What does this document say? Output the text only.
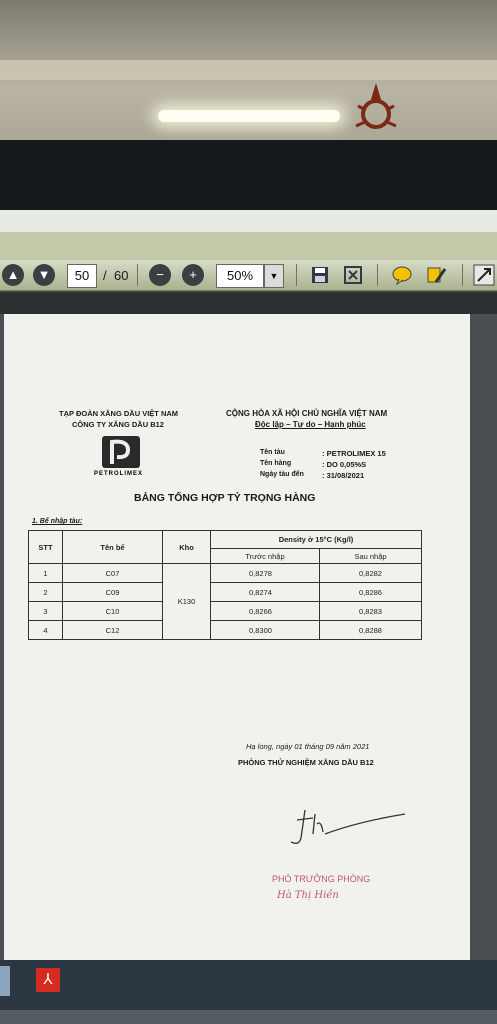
▲	▼	50	/ 60	−	+	50%	▼
TẠP ĐOÀN XĂNG DẦU VIỆT NAM
CÔNG TY XĂNG DẦU B12
PETROLIMEX
CỘNG HÒA XÃ HỘI CHỦ NGHĨA VIỆT NAM
Độc lập – Tự do – Hạnh phúc
Tên tàu	: PETROLIMEX 15
Tên hàng	: DO 0,05%S
Ngày tàu đến : 31/08/2021
BẢNG TỔNG HỢP TỶ TRỌNG HÀNG
1. Bể nhập tàu:
STT	Tên bể	Kho	Density ở 15°C (Kg/l)	
			Trước nhập	Sau nhập
1	C07	K130	0,8278	0,8282
2	C09		0,8274	0,8286
3	C10		0,8266	0,8283
4	C12		0,8300	0,8288
Hạ long, ngày 01 tháng 09 năm 2021
PHÒNG THỬ NGHIỆM XĂNG DẦU B12
PHÓ TRƯỞNG PHÒNG
Hà Thị Hiền
⅄
